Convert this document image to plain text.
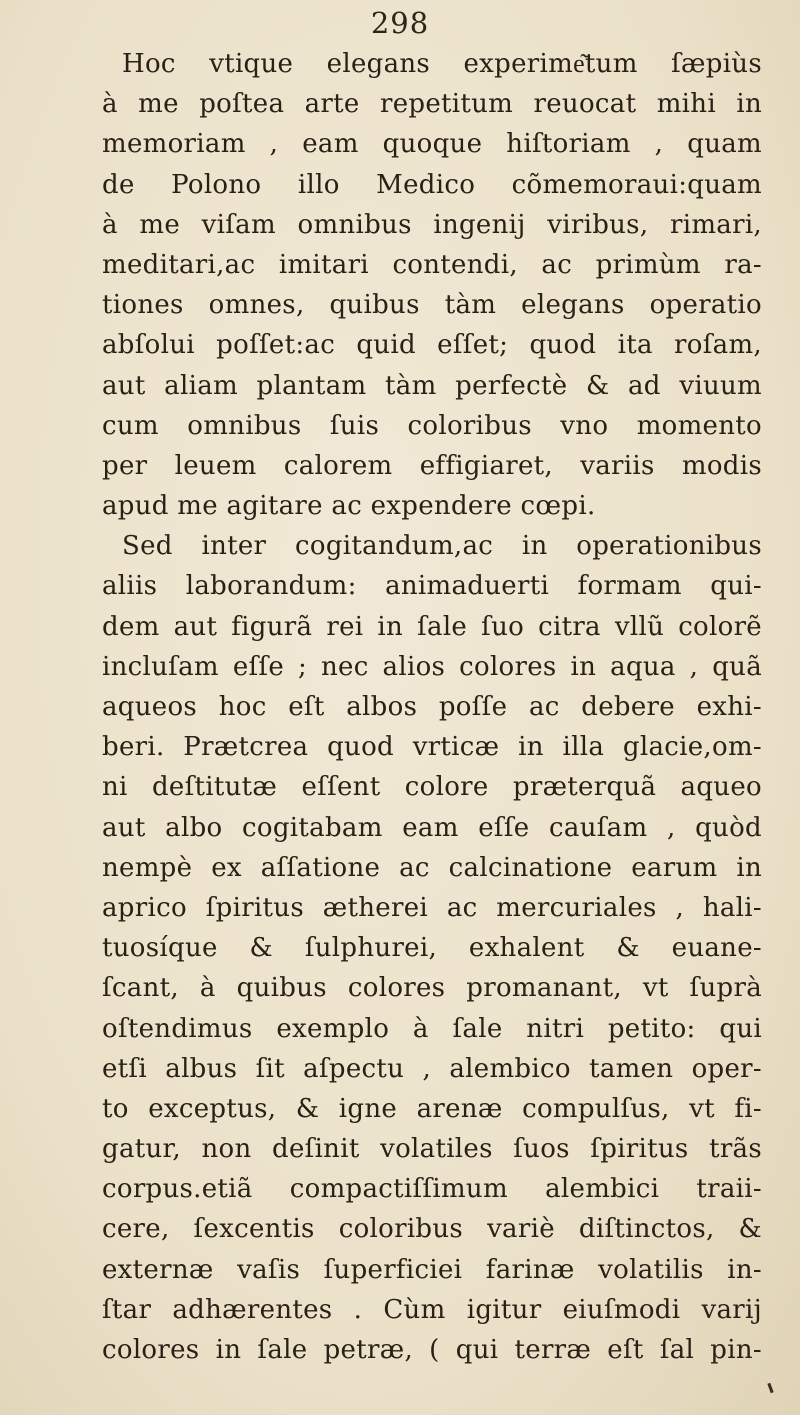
298
Hoc vtique elegans experime͂tum ſæpiùs
à me poſtea arte repetitum reuocat mihi in
memoriam , eam quoque hiſtoriam , quam
de Polono illo Medico cõmemoraui:quam
à me viſam omnibus ingenij viribus, rimari,
meditari,ac imitari contendi, ac primùm ra-
tiones omnes, quibus tàm elegans operatio
abſolui poſſet:ac quid eſſet; quod ita roſam,
aut aliam plantam tàm perfectè & ad viuum
cum omnibus ſuis coloribus vno momento
per leuem calorem effigiaret, variis modis
apud me agitare ac expendere cœpi.
Sed inter cogitandum,ac in operationibus
aliis laborandum: animaduerti formam qui-
dem aut figurã rei in ſale ſuo citra vllũ colorẽ
incluſam eſſe ; nec alios colores in aqua , quã
aqueos hoc eſt albos poſſe ac debere exhi-
beri. Prætcrea quod vrticæ in illa glacie,om-
ni deſtitutæ eſſent colore præterquã aqueo
aut albo cogitabam eam eſſe cauſam , quòd
nempè ex aſſatione ac calcinatione earum in
aprico ſpiritus ætherei ac mercuriales , hali-
tuosíque & ſulphurei, exhalent & euane-
ſcant, à quibus colores promanant, vt ſuprà
oſtendimus exemplo à ſale nitri petito: qui
etſi albus ſit aſpectu , alembico tamen oper-
to exceptus, & igne arenæ compulſus, vt fi-
gatur, non deſinit volatiles ſuos ſpiritus trãs
corpus.etiã compactiſſimum alembici traii-
cere, ſexcentis coloribus variè diſtinctos, &
externæ vaſis ſuperficiei farinæ volatilis in-
ſtar adhærentes . Cùm igitur eiuſmodi varij
colores in ſale petræ, ( qui terræ eſt ſal pin-
